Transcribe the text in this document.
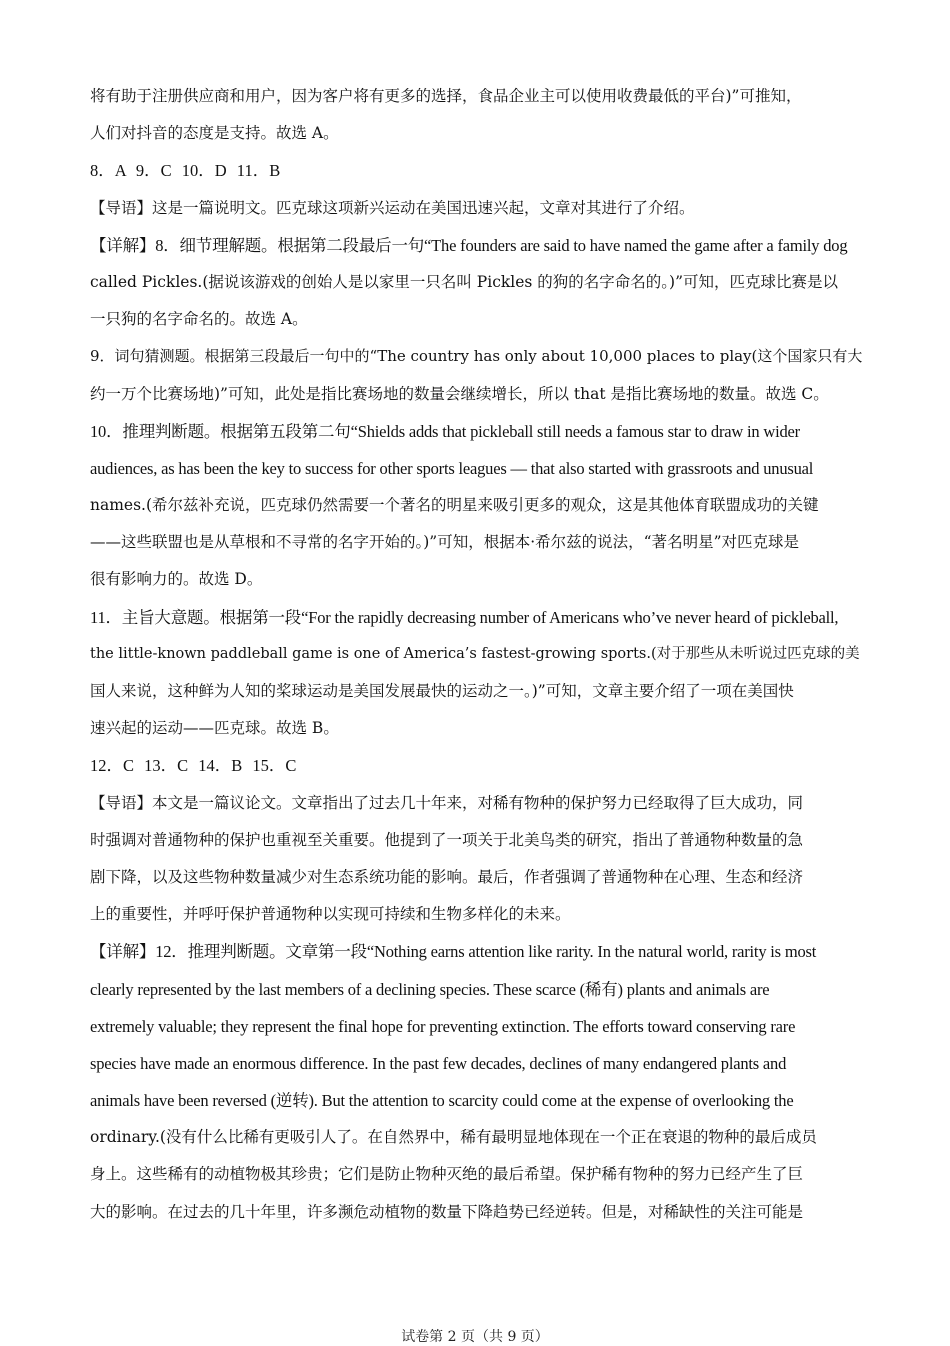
将有助于注册供应商和用户，因为客户将有更多的选择，食品企业主可以使用收费最低的平台)”可推知，
人们对抖音的态度是支持。故选 A。
8．A 9．C 10．D 11．B
【导语】这是一篇说明文。匹克球这项新兴运动在美国迅速兴起，文章对其进行了介绍。
【详解】8．细节理解题。根据第二段最后一句“The founders are said to have named the game after a family dog
called Pickles.(据说该游戏的创始人是以家里一只名叫 Pickles 的狗的名字命名的。)”可知，匹克球比赛是以
一只狗的名字命名的。故选 A。
9．词句猜测题。根据第三段最后一句中的“The country has only about 10,000 places to play(这个国家只有大
约一万个比赛场地)”可知，此处是指比赛场地的数量会继续增长，所以 that 是指比赛场地的数量。故选 C。
10．推理判断题。根据第五段第二句“Shields adds that pickleball still needs a famous star to draw in wider
audiences, as has been the key to success for other sports leagues — that also started with grassroots and unusual
names.(希尔兹补充说，匹克球仍然需要一个著名的明星来吸引更多的观众，这是其他体育联盟成功的关键
——这些联盟也是从草根和不寻常的名字开始的。)”可知，根据本·希尔兹的说法，“著名明星”对匹克球是
很有影响力的。故选 D。
11．主旨大意题。根据第一段“For the rapidly decreasing number of Americans who’ve never heard of pickleball,
the little-known paddleball game is one of America’s fastest-growing sports.(对于那些从未听说过匹克球的美
国人来说，这种鲜为人知的桨球运动是美国发展最快的运动之一。)”可知，文章主要介绍了一项在美国快
速兴起的运动——匹克球。故选 B。
12．C 13．C 14．B 15．C
【导语】本文是一篇议论文。文章指出了过去几十年来，对稀有物种的保护努力已经取得了巨大成功，同
时强调对普通物种的保护也重视至关重要。他提到了一项关于北美鸟类的研究，指出了普通物种数量的急
剧下降，以及这些物种数量减少对生态系统功能的影响。最后，作者强调了普通物种在心理、生态和经济
上的重要性，并呼吁保护普通物种以实现可持续和生物多样化的未来。
【详解】12．推理判断题。文章第一段“Nothing earns attention like rarity. In the natural world, rarity is most
clearly represented by the last members of a declining species. These scarce (稀有) plants and animals are
extremely valuable; they represent the final hope for preventing extinction. The efforts toward conserving rare
species have made an enormous difference. In the past few decades, declines of many endangered plants and
animals have been reversed (逆转). But the attention to scarcity could come at the expense of overlooking the
ordinary.(没有什么比稀有更吸引人了。在自然界中，稀有最明显地体现在一个正在衰退的物种的最后成员
身上。这些稀有的动植物极其珍贵；它们是防止物种灭绝的最后希望。保护稀有物种的努力已经产生了巨
大的影响。在过去的几十年里，许多濒危动植物的数量下降趋势已经逆转。但是，对稀缺性的关注可能是
试卷第 2 页（共 9 页）
